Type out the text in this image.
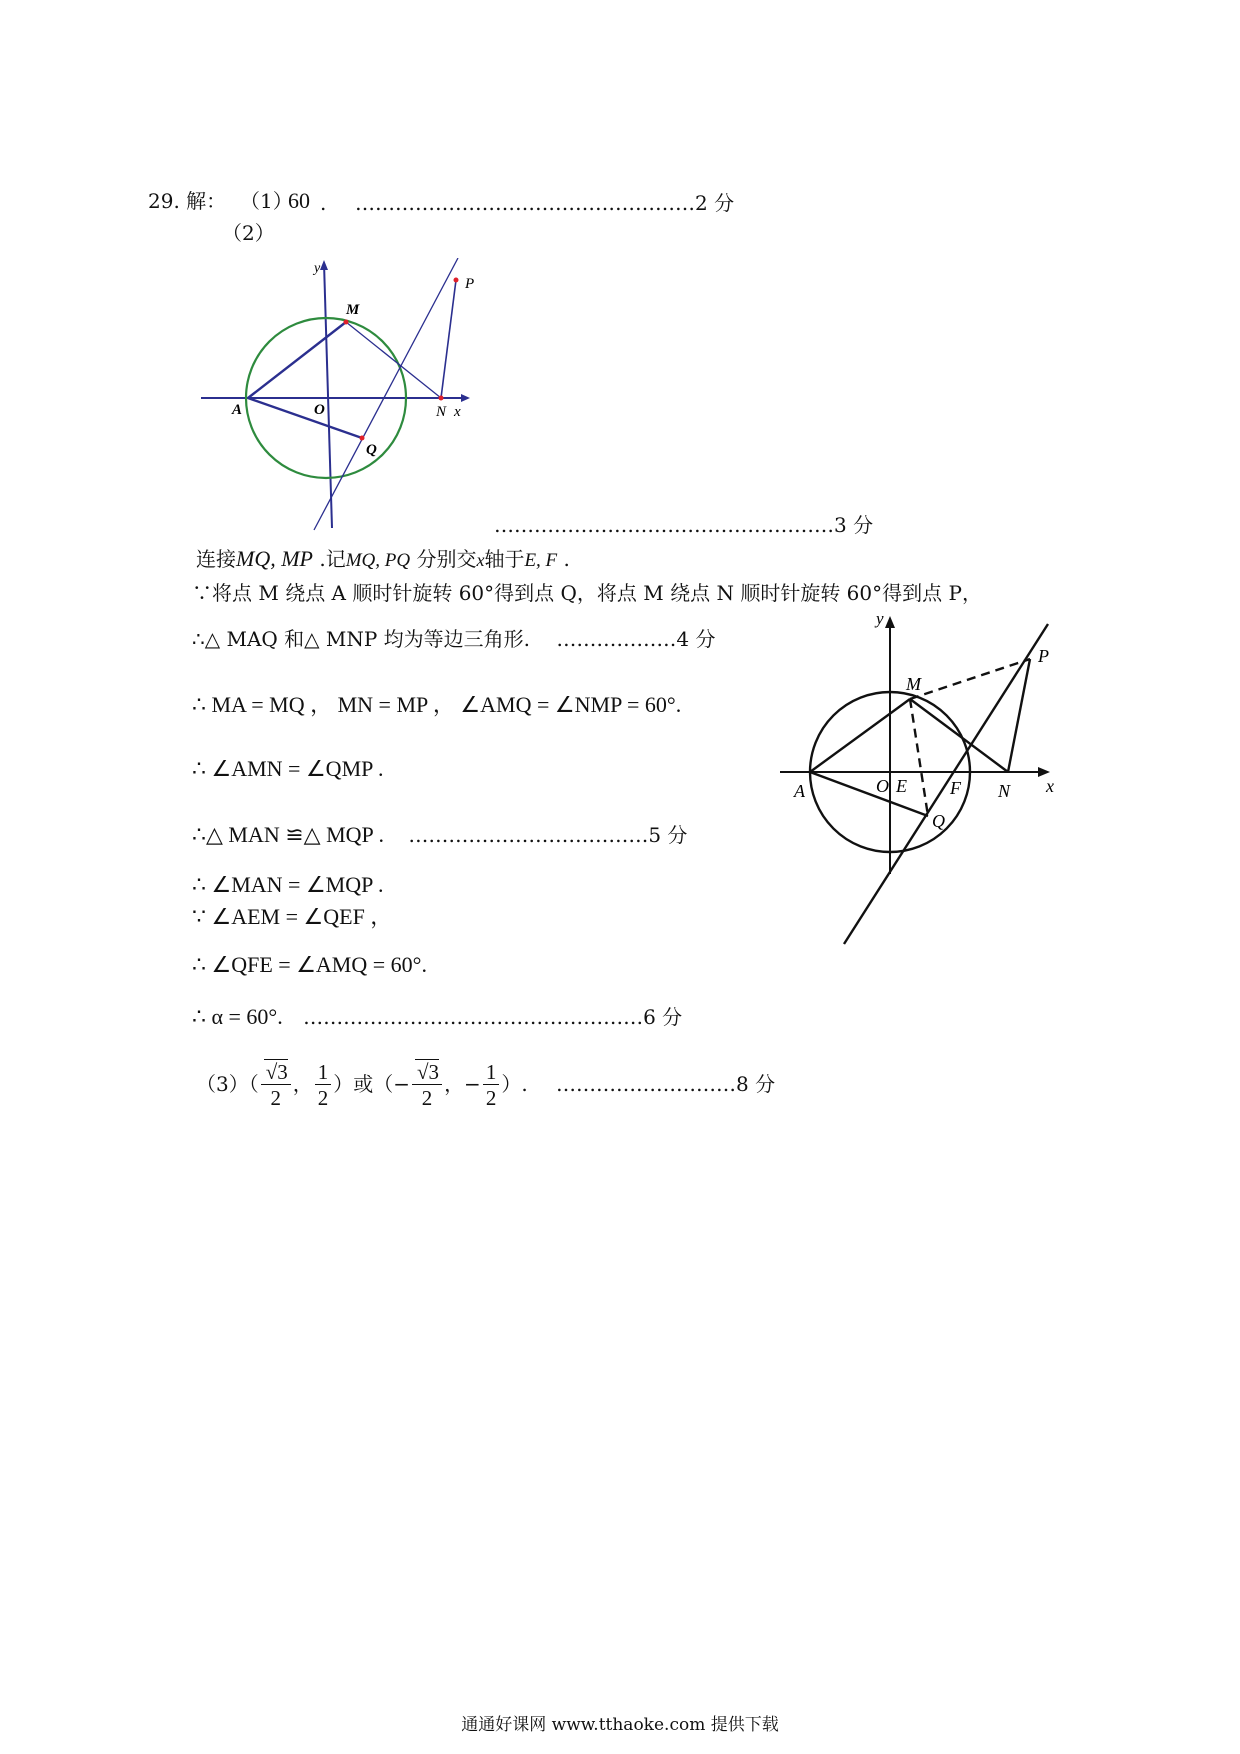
29. 解： （1）
60 . ……………………………………………2 分
（2）
y
M
P
A	O	N x
Q
……………………………………………3 分
连接MQ, MP .记MQ, PQ 分别交x轴于E, F .
∵将点 M 绕点 A 顺时针旋转 60°得到点 Q，将点 M 绕点 N 顺时针旋转 60°得到点 P，
∴△ MAQ 和△ MNP 均为等边三角形. ………………4 分
∴ MA = MQ ， MN = MP ， ∠AMQ = ∠NMP = 60°.
∴ ∠AMN = ∠QMP .
∴△ MAN ≌△ MQP . ………………………………5 分
∴ ∠MAN = ∠MQP .
∵ ∠AEM = ∠QEF ，
∴ ∠QFE = ∠AMQ = 60°.
∴ α = 60°. ……………………………………………6 分
$(3)( \frac{√3}{2}$ ， $\frac{1}{2}$ ）或（− $\frac{√3}{2}$ ，− $\frac{1}{2}$ ）. ………………………8 分
y
M
P
A	O E F N x
Q
通通好课网 www.tthaoke.com 提供下载
